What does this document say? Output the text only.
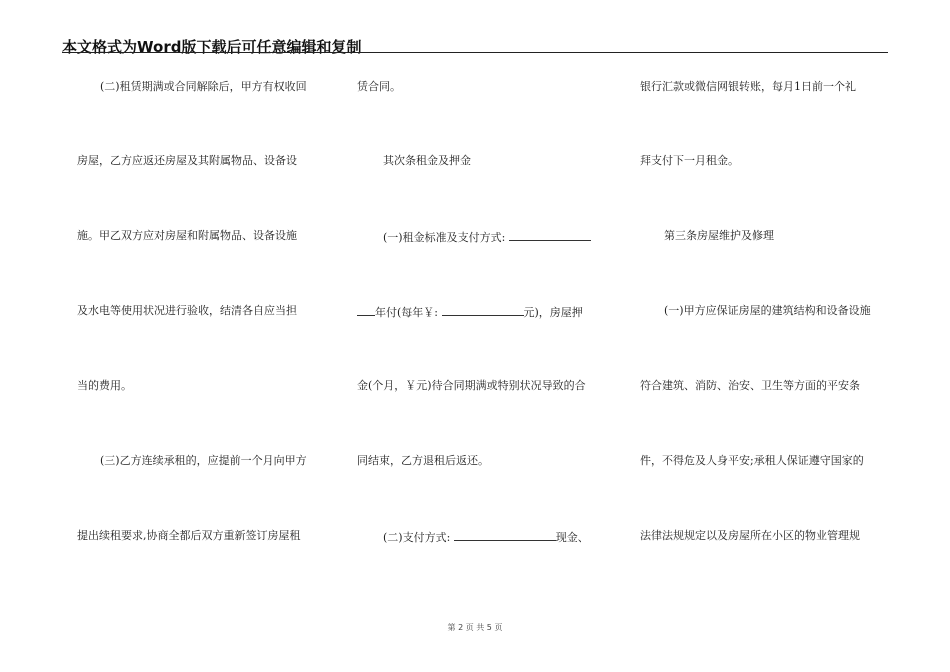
本文格式为Word版下载后可任意编辑和复制
(二)租赁期满或合同解除后，甲方有权收回
房屋，乙方应返还房屋及其附属物品、设备设
施。甲乙双方应对房屋和附属物品、设备设施
及水电等使用状况进行验收，结清各自应当担
当的费用。
(三)乙方连续承租的，应提前一个月向甲方
提出续租要求,协商全都后双方重新签订房屋租
赁合同。
其次条租金及押金
(一)租金标准及支付方式:
年付(每年￥:	元)，房屋押
金(个月，￥元)待合同期满或特别状况导致的合
同结束，乙方退租后返还。
(二)支付方式:	现金、
银行汇款或微信网银转账，每月1日前一个礼
拜支付下一月租金。
第三条房屋维护及修理
(一)甲方应保证房屋的建筑结构和设备设施
符合建筑、消防、治安、卫生等方面的平安条
件，不得危及人身平安;承租人保证遵守国家的
法律法规规定以及房屋所在小区的物业管理规
第 2 页 共 5 页
